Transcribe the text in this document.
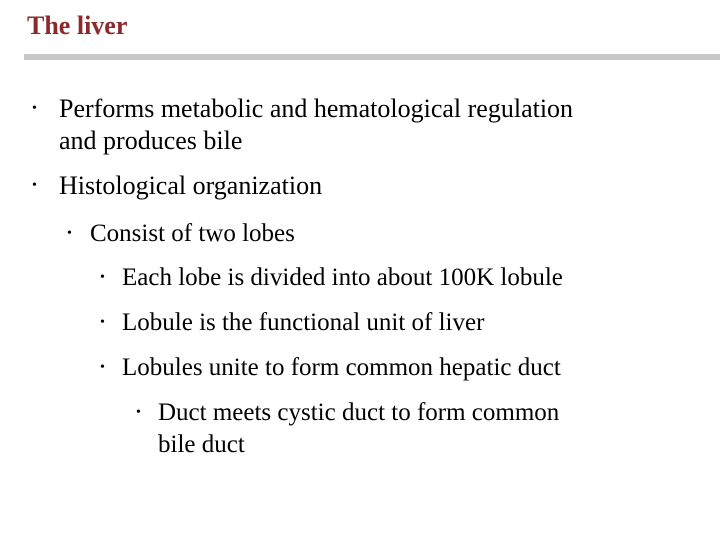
The liver
• Performs metabolic and hematological regulation
and produces bile
• Histological organization
• Consist of two lobes
• Each lobe is divided into about 100K lobule
• Lobule is the functional unit of liver
• Lobules unite to form common hepatic duct
• Duct meets cystic duct to form common
bile duct
